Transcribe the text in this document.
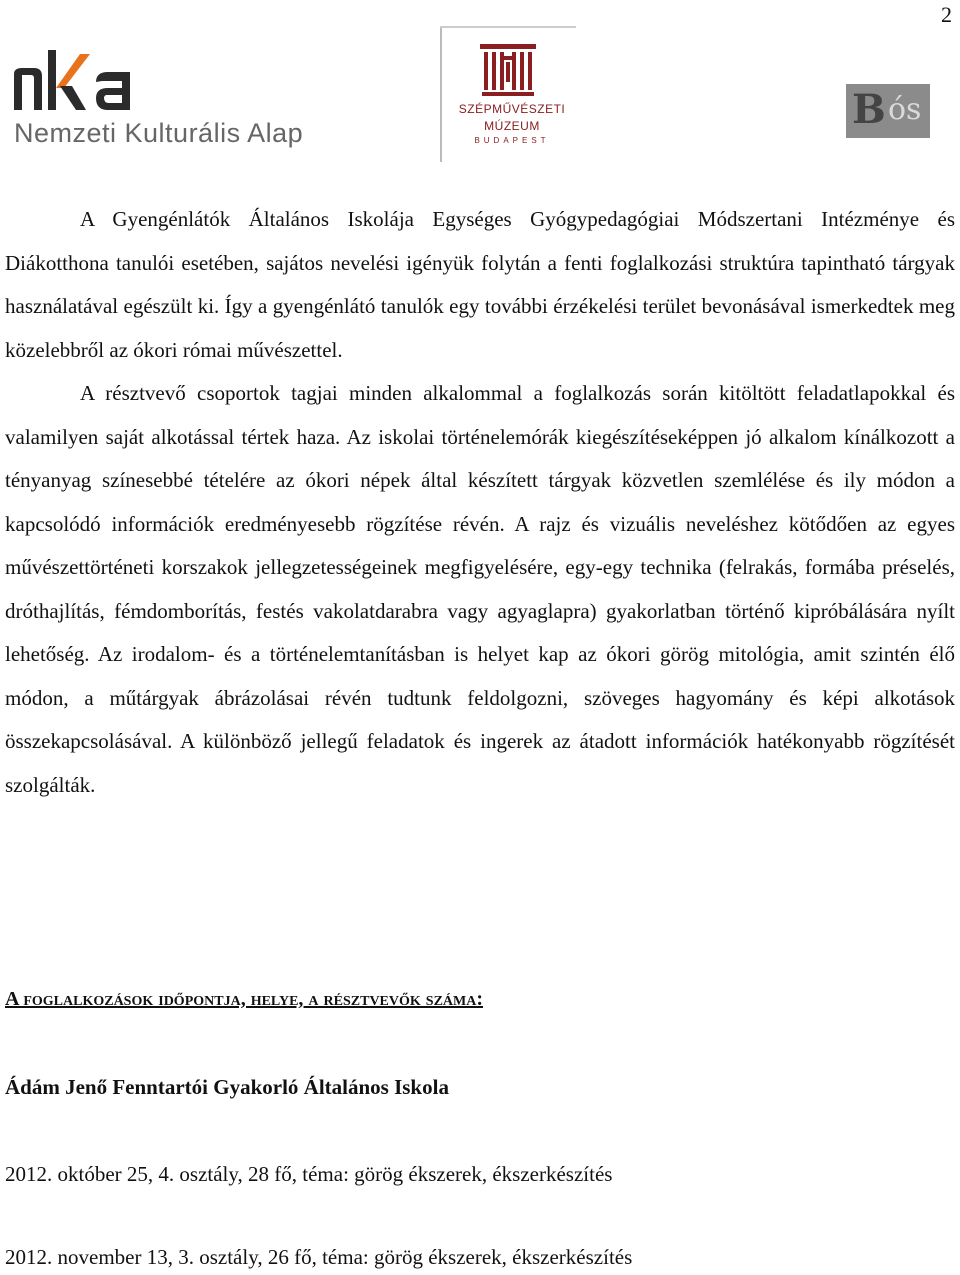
2
Nemzeti Kulturális Alap
SZÉPMŰVÉSZETI
MÚZEUM
BUDAPEST
B ós

A Gyengénlátók Általános Iskolája Egységes Gyógypedagógiai Módszertani Intézménye és Diákotthona tanulói esetében, sajátos nevelési igényük folytán a fenti foglalkozási struktúra tapintható tárgyak használatával egészült ki. Így a gyengénlátó tanulók egy további érzékelési terület bevonásával ismerkedtek meg közelebbről az ókori római művészettel.

A résztvevő csoportok tagjai minden alkalommal a foglalkozás során kitöltött feladatlapokkal és valamilyen saját alkotással tértek haza. Az iskolai történelemórák kiegészítéseképpen jó alkalom kínálkozott a tényanyag színesebbé tételére az ókori népek által készített tárgyak közvetlen szemlélése és ily módon a kapcsolódó információk eredményesebb rögzítése révén. A rajz és vizuális neveléshez kötődően az egyes művészettörténeti korszakok jellegzetességeinek megfigyelésére, egy-egy technika (felrakás, formába préselés, dróthajlítás, fémdomborítás, festés vakolatdarabra vagy agyaglapra) gyakorlatban történő kipróbálására nyílt lehetőség. Az irodalom- és a történelemtanításban is helyet kap az ókori görög mitológia, amit szintén élő módon, a műtárgyak ábrázolásai révén tudtunk feldolgozni, szöveges hagyomány és képi alkotások összekapcsolásával. A különböző jellegű feladatok és ingerek az átadott információk hatékonyabb rögzítését szolgálták.

A foglalkozások időpontja, helye, a résztvevők száma:

Ádám Jenő Fenntartói Gyakorló Általános Iskola

2012. október 25, 4. osztály, 28 fő, téma: görög ékszerek, ékszerkészítés

2012. november 13, 3. osztály, 26 fő, téma: görög ékszerek, ékszerkészítés
